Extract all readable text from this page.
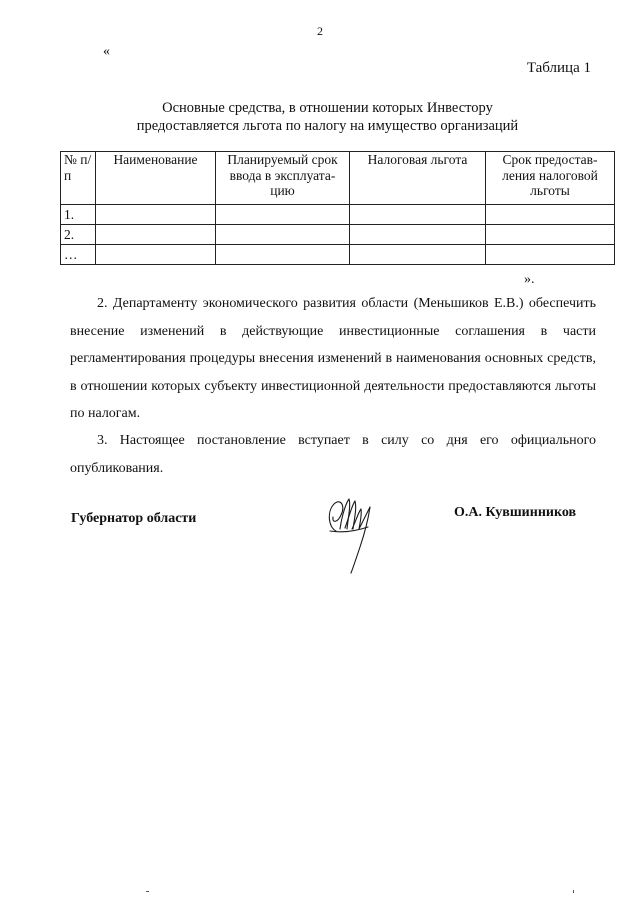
2
«
Таблица 1
Основные средства, в отношении которых Инвестору
предоставляется льгота по налогу на имущество организаций
№ п/ п	Наименование	Планируемый срок ввода в эксплуата- цию	Налоговая льгота	Срок предостав- ления налоговой льготы
1.				
2.				
…				
».
2. Департаменту экономического развития области (Меньшиков Е.В.) обеспечить внесение изменений в действующие инвестиционные соглашения в части регламентирования процедуры внесения изменений в наименования основных средств, в отношении которых субъекту инвестиционной деятельности предоставляются льготы по налогам.
3. Настоящее постановление вступает в силу со дня его официального опубликования.
Губернатор области	О.А. Кувшинников
